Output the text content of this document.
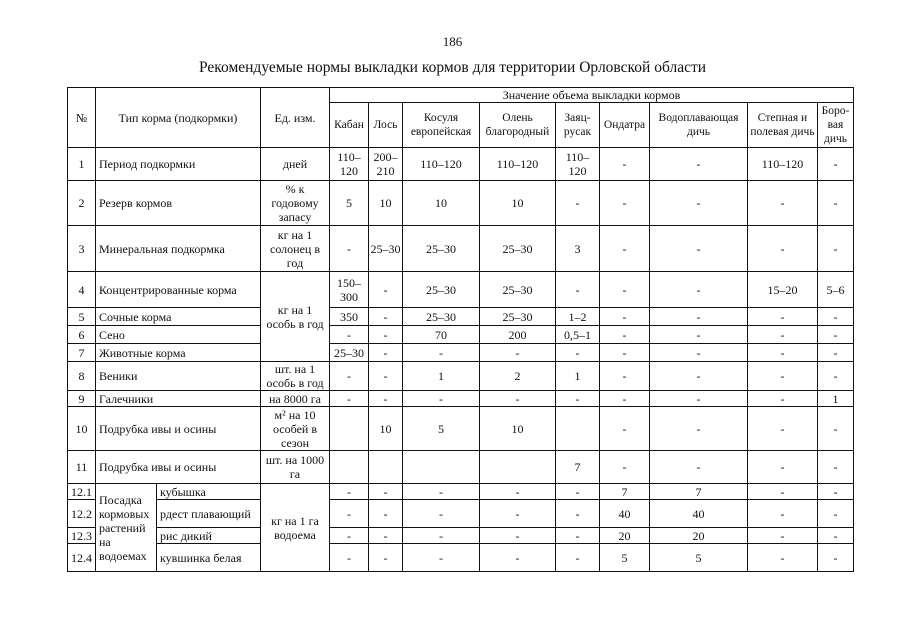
186
Рекомендуемые нормы выкладки кормов для территории Орловской области
№	Тип корма (подкормки)		Ед. изм.	Значение объема выкладки кормов								
				Кабан	Лось	Косуля европейская	Олень благородный	Заяц-русак	Ондатра	Водоплавающая дичь	Степная и полевая дичь	Боро-вая дичь
1	Период подкормки		дней	110–120	200–210	110–120	110–120	110–120	-	-	110–120	-
2	Резерв кормов		% к годовому запасу	5	10	10	10	-	-	-	-	-
3	Минеральная подкормка		кг на 1 солонец в год	-	25–30	25–30	25–30	3	-	-	-	-
4	Концентрированные корма		кг на 1 особь в год	150–300	-	25–30	25–30	-	-	-	15–20	5–6
5	Сочные корма			350	-	25–30	25–30	1–2	-	-	-	-
6	Сено			-	-	70	200	0,5–1	-	-	-	-
7	Животные корма			25–30	-	-	-	-	-	-	-	-
8	Веники		шт. на 1 особь в год	-	-	1	2	1	-	-	-	-
9	Галечники		на 8000 га	-	-	-	-	-	-	-	-	1
10	Подрубка ивы и осины		м² на 10 особей в сезон		10	5	10		-	-	-	-
11	Подрубка ивы и осины		шт. на 1000 га					7	-	-	-	-
12.1	Посадка кормовых растений на водоемах	кубышка	кг на 1 га водоема	-	-	-	-	-	7	7	-	-
12.2		рдест плавающий		-	-	-	-	-	40	40	-	-
12.3		рис дикий		-	-	-	-	-	20	20	-	-
12.4		кувшинка белая		-	-	-	-	-	5	5	-	-
